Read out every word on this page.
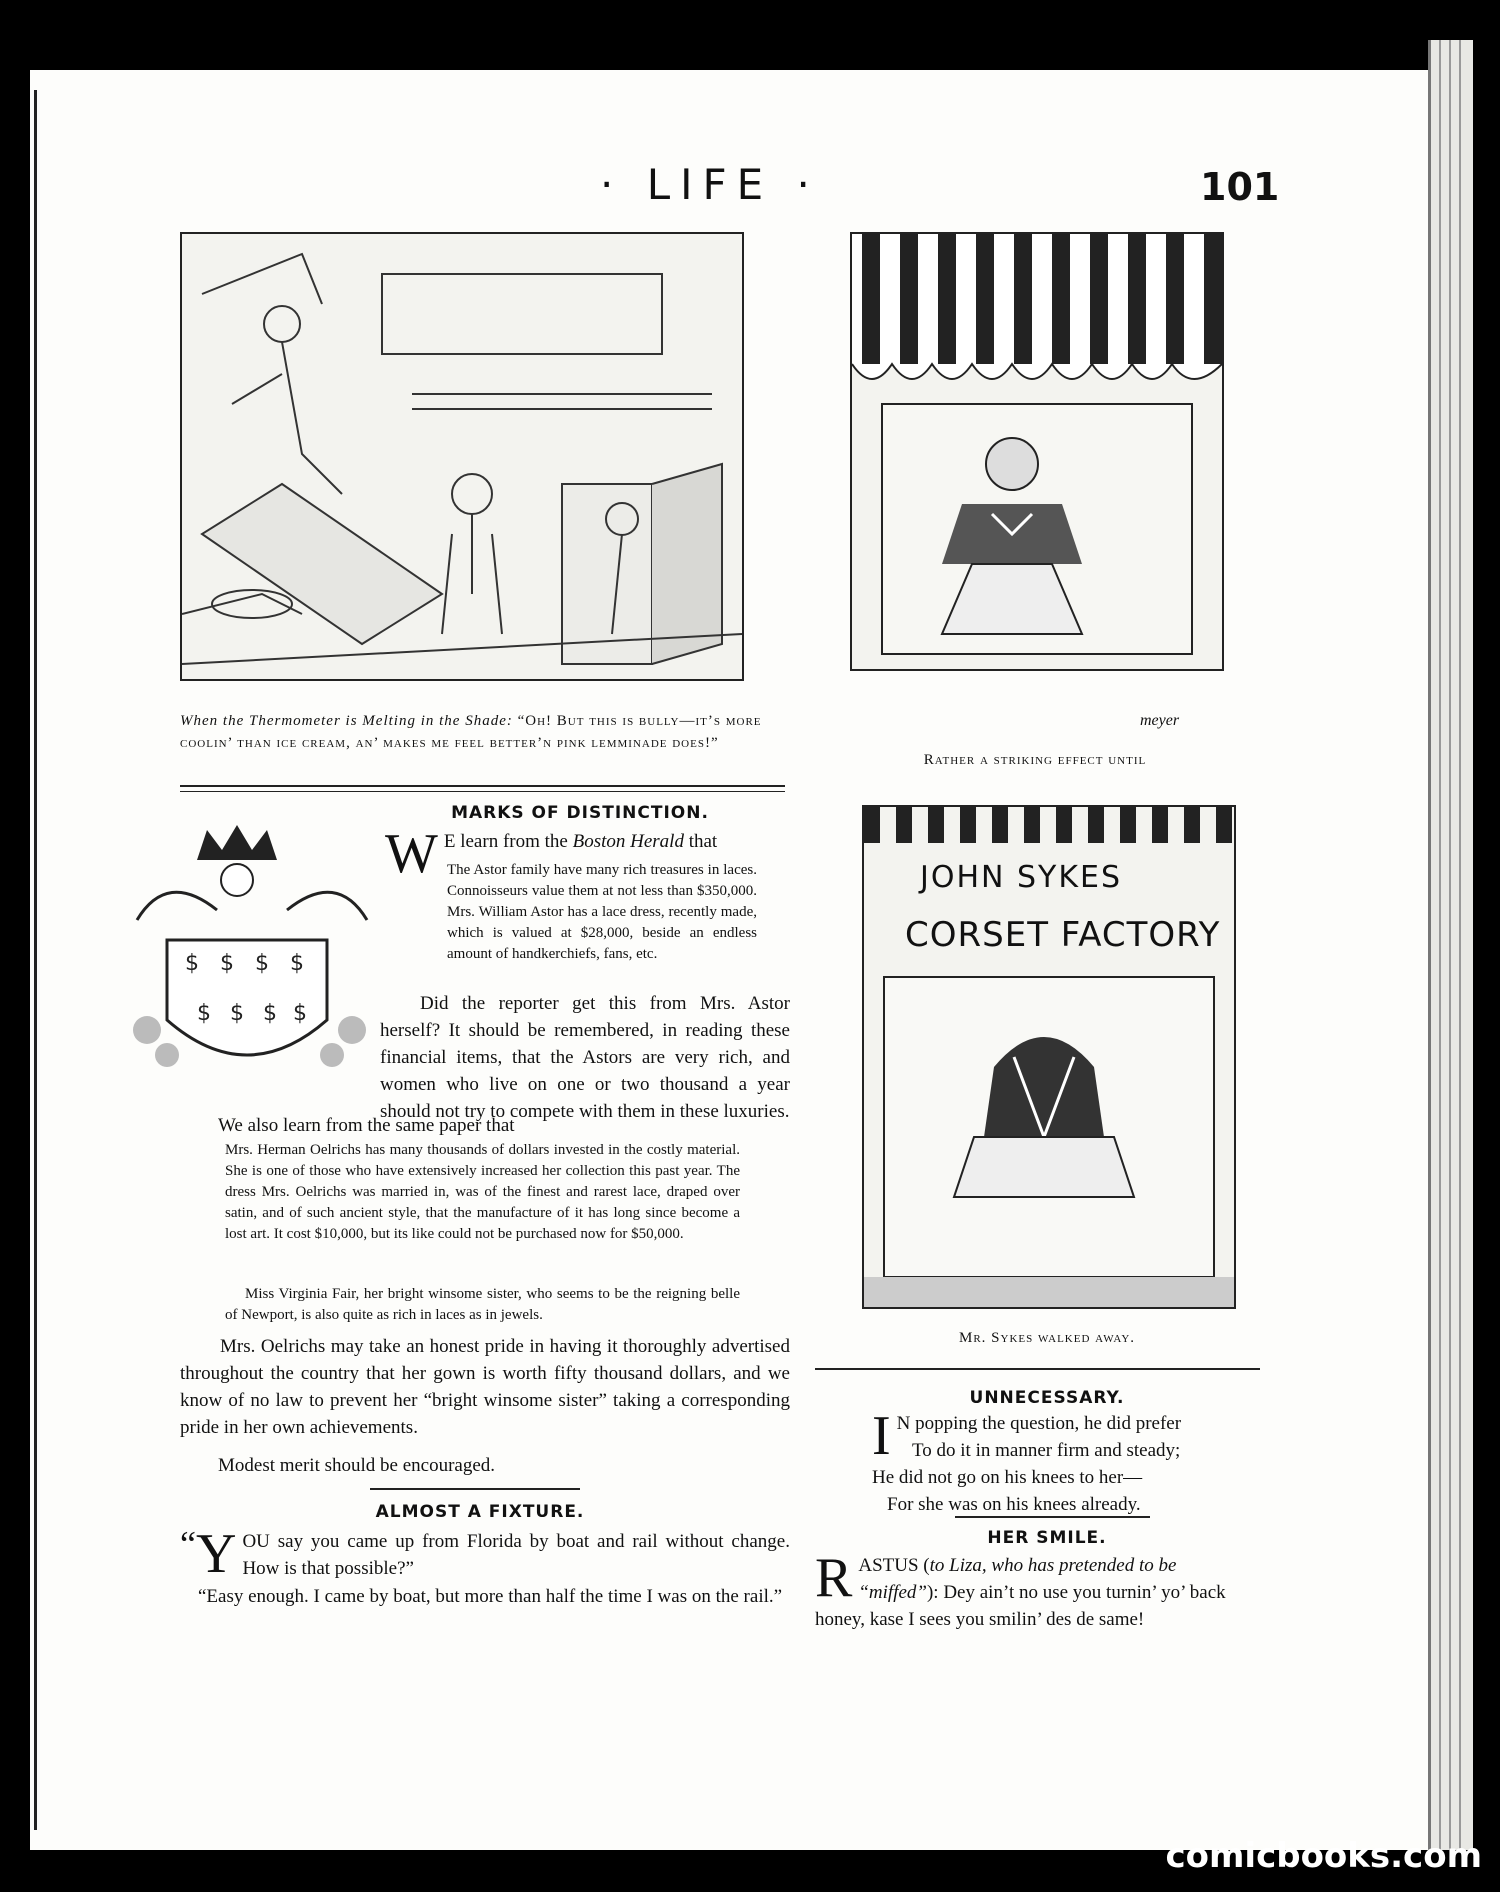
· LIFE ·	101
When the Thermometer is Melting in the Shade: “Oh! But this is bully—it’s more coolin’ than ice cream, an’ makes me feel better’n pink lemminade does!”
meyer
Rather a striking effect until
JOHN SYKES
CORSET FACTORY
Mr. Sykes walked away.
MARKS OF DISTINCTION.
$ $ $ $
$ $ $ $
W E learn from the Boston Herald that
The Astor family have many rich treasures in laces. Connoisseurs value them at not less than $350,000. Mrs. William Astor has a lace dress, recently made, which is valued at $28,000, beside an endless amount of handkerchiefs, fans, etc.
Did the reporter get this from Mrs. Astor herself? It should be remembered, in reading these financial items, that the Astors are very rich, and women who live on one or two thousand a year should not try to compete with them in these luxuries.
We also learn from the same paper that
Mrs. Herman Oelrichs has many thousands of dollars invested in the costly material. She is one of those who have extensively increased her collection this past year. The dress Mrs. Oelrichs was married in, was of the finest and rarest lace, draped over satin, and of such ancient style, that the manufacture of it has long since become a lost art. It cost $10,000, but its like could not be purchased now for $50,000.
Miss Virginia Fair, her bright winsome sister, who seems to be the reigning belle of Newport, is also quite as rich in laces as in jewels.
Mrs. Oelrichs may take an honest pride in having it thoroughly advertised throughout the country that her gown is worth fifty thousand dollars, and we know of no law to prevent her “bright winsome sister” taking a corresponding pride in her own achievements.
Modest merit should be encouraged.
ALMOST A FIXTURE.
“ Y OU say you came up from Florida by boat and rail without change. How is that possible?”
“Easy enough. I came by boat, but more than half the time I was on the rail.”
UNNECESSARY.
I N popping the question, he did prefer

To do it in manner firm and steady;

He did not go on his knees to her—

For she was on his knees already.

HER SMILE.
R ASTUS (to Liza, who has pretended to be “miffed”): Dey ain’t no use you turnin’ yo’ back honey, kase I sees you smilin’ des de same!
comicbooks.com
